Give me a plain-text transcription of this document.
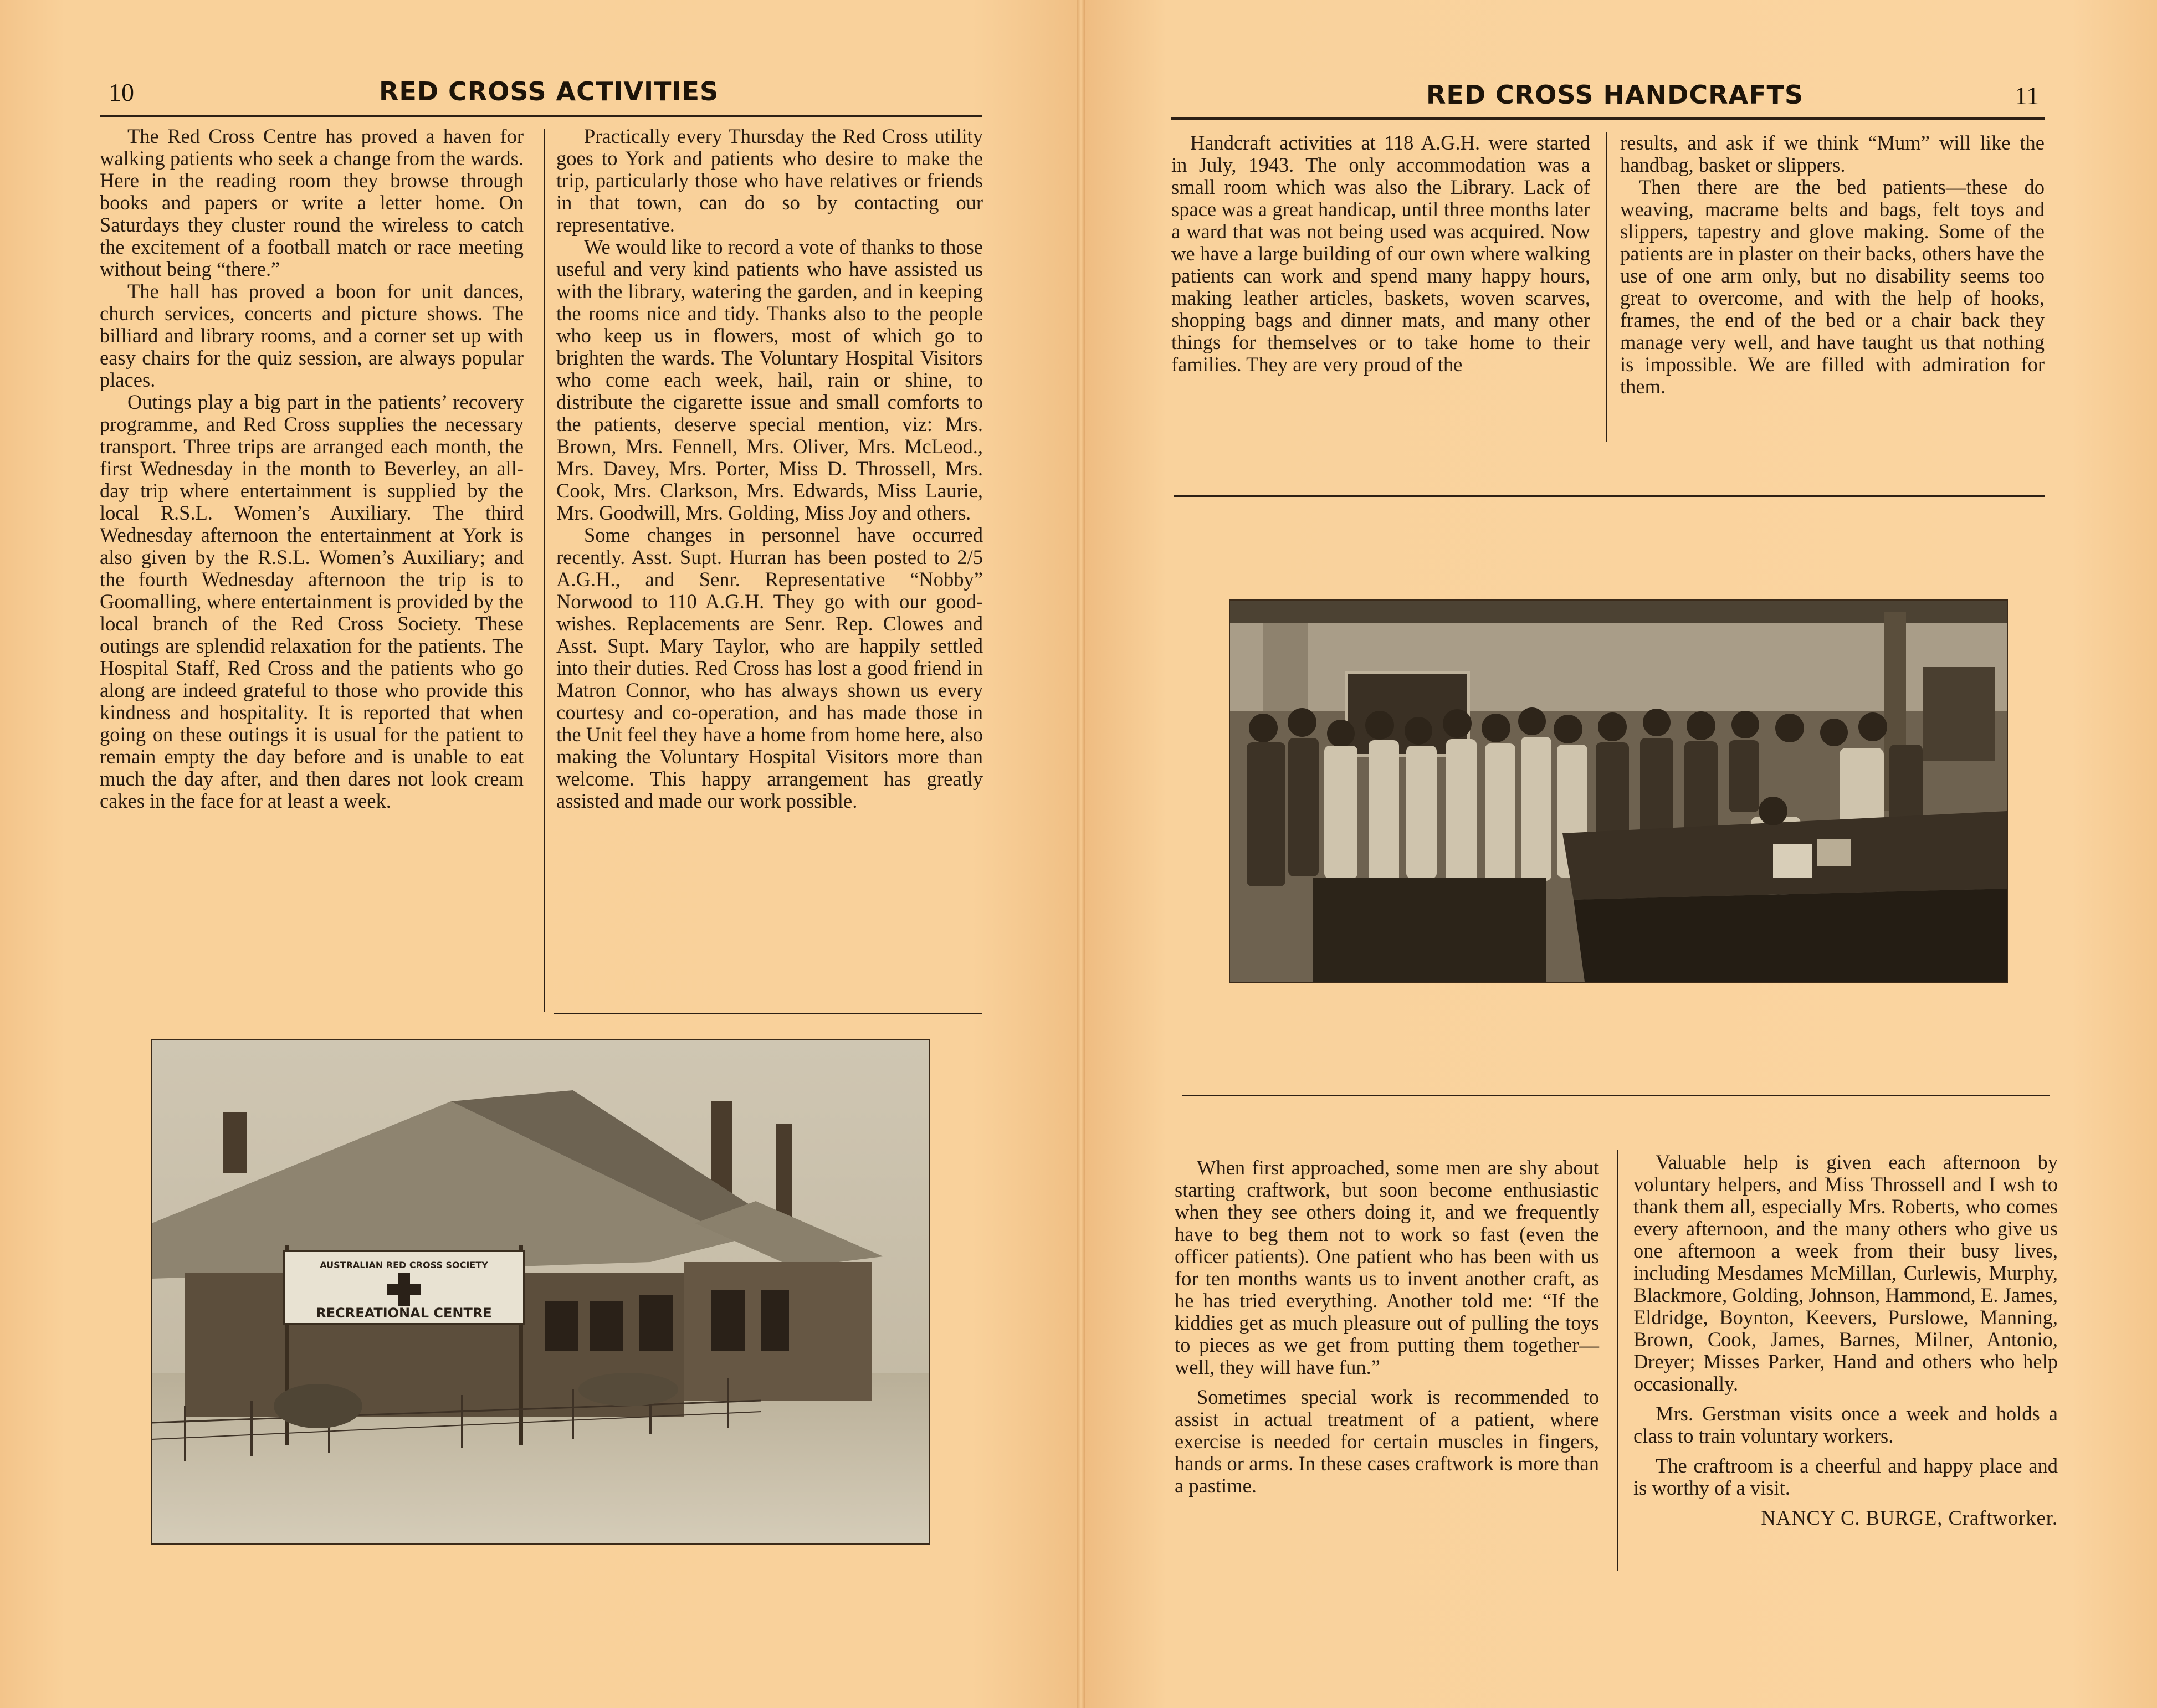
10	RED CROSS ACTIVITIES

The Red Cross Centre has proved a haven for walking patients who seek a change from the wards. Here in the reading room they browse through books and papers or write a letter home. On Saturdays they cluster round the wireless to catch the excitement of a football match or race meeting without being “there.”

The hall has proved a boon for unit dances, church services, concerts and picture shows. The billiard and library rooms, and a corner set up with easy chairs for the quiz session, are always popular places.

Outings play a big part in the patients’ recovery programme, and Red Cross supplies the necessary transport. Three trips are arranged each month, the first Wednesday in the month to Beverley, an all-day trip where entertainment is supplied by the local R.S.L. Women’s Auxiliary. The third Wednesday afternoon the entertainment at York is also given by the R.S.L. Women’s Auxiliary; and the fourth Wednesday afternoon the trip is to Goomalling, where entertainment is provided by the local branch of the Red Cross Society. These outings are splendid relaxation for the patients. The Hospital Staff, Red Cross and the patients who go along are indeed grateful to those who provide this kindness and hospitality. It is reported that when going on these outings it is usual for the patient to remain empty the day before and is unable to eat much the day after, and then dares not look cream cakes in the face for at least a week.

Practically every Thursday the Red Cross utility goes to York and patients who desire to make the trip, particularly those who have relatives or friends in that town, can do so by contacting our representative.

We would like to record a vote of thanks to those useful and very kind patients who have assisted us with the library, watering the garden, and in keeping the rooms nice and tidy. Thanks also to the people who keep us in flowers, most of which go to brighten the wards. The Voluntary Hospital Visitors who come each week, hail, rain or shine, to distribute the cigarette issue and small comforts to the patients, deserve special mention, viz: Mrs. Brown, Mrs. Fennell, Mrs. Oliver, Mrs. McLeod., Mrs. Davey, Mrs. Porter, Miss D. Throssell, Mrs. Cook, Mrs. Clarkson, Mrs. Edwards, Miss Laurie, Mrs. Goodwill, Mrs. Golding, Miss Joy and others.

Some changes in personnel have occurred recently. Asst. Supt. Hurran has been posted to 2/5 A.G.H., and Senr. Representative “Nobby” Norwood to 110 A.G.H. They go with our good-wishes. Replacements are Senr. Rep. Clowes and Asst. Supt. Mary Taylor, who are happily settled into their duties. Red Cross has lost a good friend in Matron Connor, who has always shown us every courtesy and co-operation, and has made those in the Unit feel they have a home from home here, also making the Voluntary Hospital Visitors more than welcome. This happy arrangement has greatly assisted and made our work possible.

AUSTRALIAN RED CROSS SOCIETY
RECREATIONAL CENTRE
RED CROSS HANDCRAFTS	11

Handcraft activities at 118 A.G.H. were started in July, 1943. The only accommodation was a small room which was also the Library. Lack of space was a great handicap, until three months later a ward that was not being used was acquired. Now we have a large building of our own where walking patients can work and spend many happy hours, making leather articles, baskets, woven scarves, shopping bags and dinner mats, and many other things for themselves or to take home to their families. They are very proud of the

results, and ask if we think “Mum” will like the handbag, basket or slippers.

Then there are the bed patients—these do weaving, macrame belts and bags, felt toys and slippers, tapestry and glove making. Some of the patients are in plaster on their backs, others have the use of one arm only, but no disability seems too great to overcome, and with the help of hooks, frames, the end of the bed or a chair back they manage very well, and have taught us that nothing is impossible. We are filled with admiration for them.

When first approached, some men are shy about starting craftwork, but soon become enthusiastic when they see others doing it, and we frequently have to beg them not to work so fast (even the officer patients). One patient who has been with us for ten months wants us to invent another craft, as he has tried everything. Another told me: “If the kiddies get as much pleasure out of pulling the toys to pieces as we get from putting them together—well, they will have fun.”

Sometimes special work is recommended to assist in actual treatment of a patient, where exercise is needed for certain muscles in fingers, hands or arms. In these cases craftwork is more than a pastime.

Valuable help is given each afternoon by voluntary helpers, and Miss Throssell and I wsh to thank them all, especially Mrs. Roberts, who comes every afternoon, and the many others who give us one afternoon a week from their busy lives, including Mesdames McMillan, Curlewis, Murphy, Blackmore, Golding, Johnson, Hammond, E. James, Eldridge, Boynton, Keevers, Purslowe, Manning, Brown, Cook, James, Barnes, Milner, Antonio, Dreyer; Misses Parker, Hand and others who help occasionally.

Mrs. Gerstman visits once a week and holds a class to train voluntary workers.

The craftroom is a cheerful and happy place and is worthy of a visit.

NANCY C. BURGE, Craftworker.
